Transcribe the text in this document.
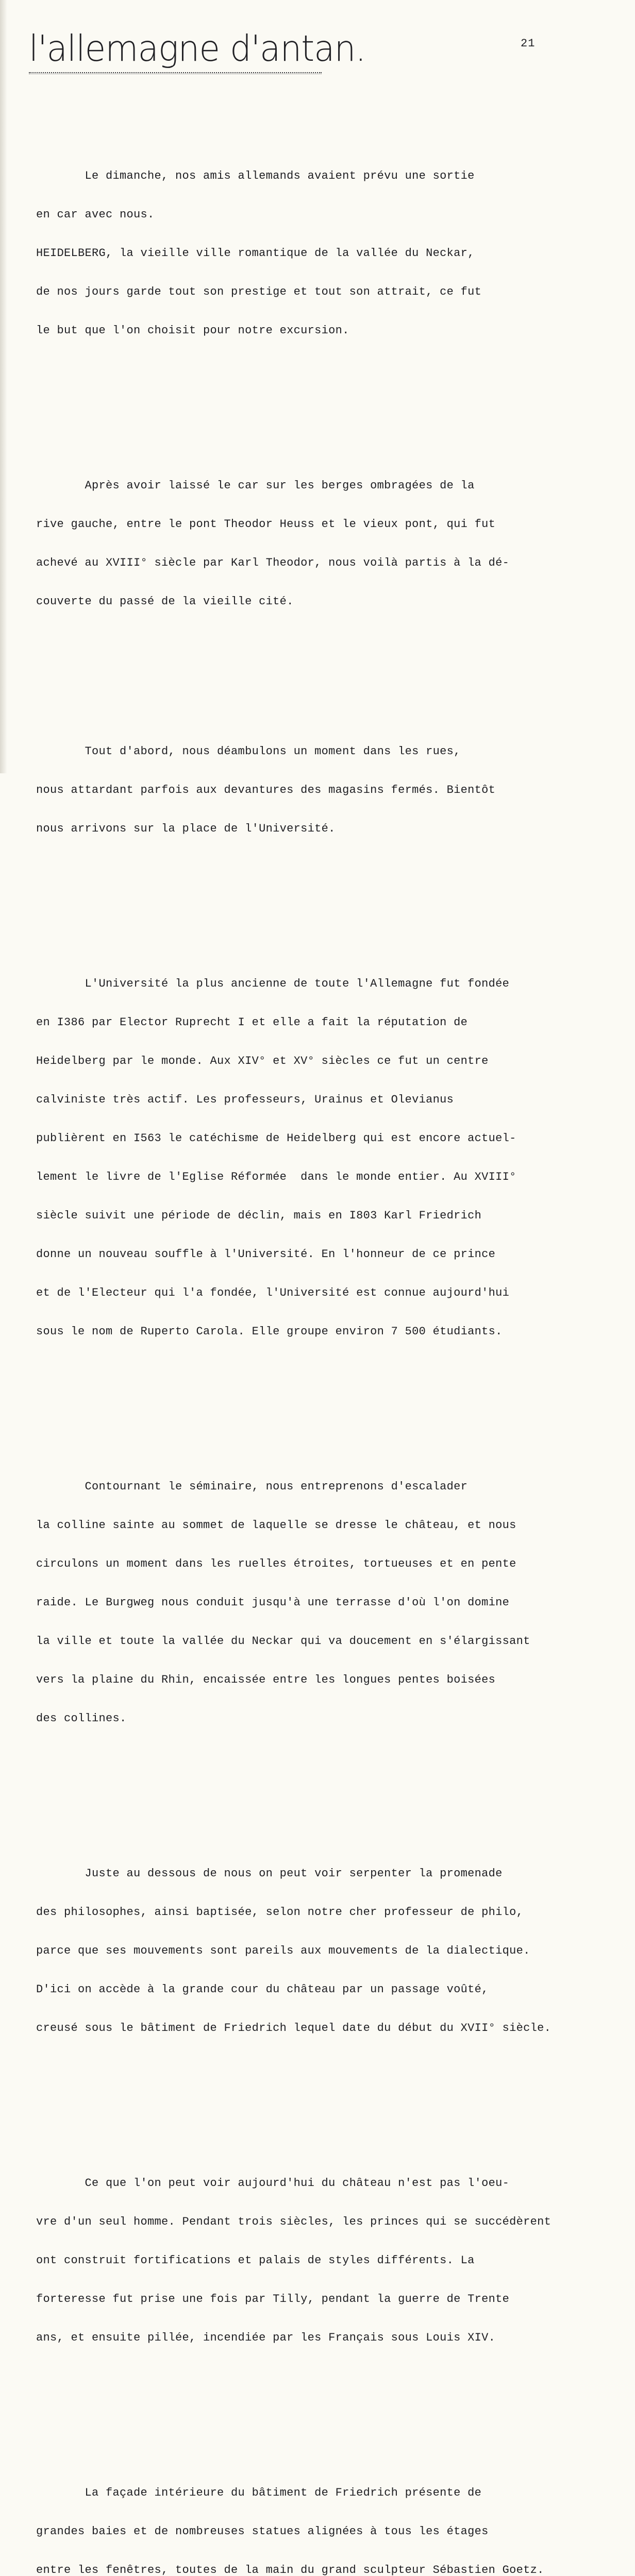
l'allemagne d'antan.	21

Le dimanche, nos amis allemands avaient prévu une sortie

en car avec nous.

HEIDELBERG, la vieille ville romantique de la vallée du Neckar,

de nos jours garde tout son prestige et tout son attrait, ce fut

le but que l'on choisit pour notre excursion.

Après avoir laissé le car sur les berges ombragées de la

rive gauche, entre le pont Theodor Heuss et le vieux pont, qui fut

achevé au XVIII° siècle par Karl Theodor, nous voilà partis à la dé-

couverte du passé de la vieille cité.

Tout d'abord, nous déambulons un moment dans les rues,

nous attardant parfois aux devantures des magasins fermés. Bientôt

nous arrivons sur la place de l'Université.

L'Université la plus ancienne de toute l'Allemagne fut fondée

en I386 par Elector Ruprecht I et elle a fait la réputation de

Heidelberg par le monde. Aux XIV° et XV° siècles ce fut un centre

calviniste très actif. Les professeurs, Urainus et Olevianus

publièrent en I563 le catéchisme de Heidelberg qui est encore actuel-

lement le livre de l'Eglise Réformée  dans le monde entier. Au XVIII°

siècle suivit une période de déclin, mais en I803 Karl Friedrich

donne un nouveau souffle à l'Université. En l'honneur de ce prince

et de l'Electeur qui l'a fondée, l'Université est connue aujourd'hui

sous le nom de Ruperto Carola. Elle groupe environ 7 500 étudiants.

Contournant le séminaire, nous entreprenons d'escalader

la colline sainte au sommet de laquelle se dresse le château, et nous

circulons un moment dans les ruelles étroites, tortueuses et en pente

raide. Le Burgweg nous conduit jusqu'à une terrasse d'où l'on domine

la ville et toute la vallée du Neckar qui va doucement en s'élargissant

vers la plaine du Rhin, encaissée entre les longues pentes boisées

des collines.

Juste au dessous de nous on peut voir serpenter la promenade

des philosophes, ainsi baptisée, selon notre cher professeur de philo,

parce que ses mouvements sont pareils aux mouvements de la dialectique.

D'ici on accède à la grande cour du château par un passage voûté,

creusé sous le bâtiment de Friedrich lequel date du début du XVII° siècle.

Ce que l'on peut voir aujourd'hui du château n'est pas l'oeu-

vre d'un seul homme. Pendant trois siècles, les princes qui se succédèrent

ont construit fortifications et palais de styles différents. La

forteresse fut prise une fois par Tilly, pendant la guerre de Trente

ans, et ensuite pillée, incendiée par les Français sous Louis XIV.

La façade intérieure du bâtiment de Friedrich présente de

grandes baies et de nombreuses statues alignées à tous les étages

entre les fenêtres, toutes de la main du grand sculpteur Sébastien Goetz.
